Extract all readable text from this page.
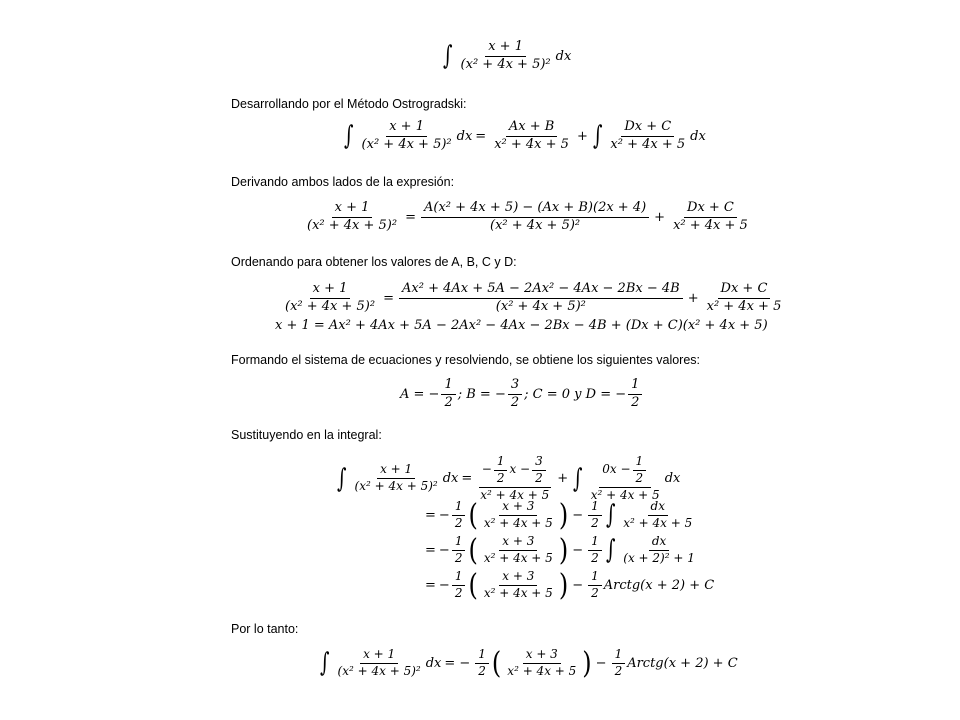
∫ $\frac{x + 1}{\text{(x² + 4x + 5)²}}$ dx
Desarrollando por el Método Ostrogradski:
∫ $\frac{x + 1}{\text{(x² + 4x + 5)²}}$ dx = $\frac{Ax + B}{\text{x² + 4x + 5}}$ + ∫ $\frac{Dx + C}{\text{x² + 4x + 5}}$ dx
Derivando ambos lados de la expresión:
$\frac{x + 1}{\text{(x² + 4x + 5)²}} = \frac{\text{A(x² + 4x + 5) − (Ax + B)(2x + 4)}}{\text{(x² + 4x + 5)²}} + \frac{Dx + C}{\text{x² + 4x + 5}}$
Ordenando para obtener los valores de A, B, C y D:
$\frac{x + 1}{\text{(x² + 4x + 5)²}} = \frac{\text{Ax² + 4Ax + 5A − 2Ax² − 4Ax − 2Bx − 4B}}{\text{(x² + 4x + 5)²}} + \frac{Dx + C}{\text{x² + 4x + 5}}$
x + 1 = Ax² + 4Ax + 5A − 2Ax² − 4Ax − 2Bx − 4B + (Dx + C)(x² + 4x + 5)
Formando el sistema de ecuaciones y resolviendo, se obtiene los siguientes valores:
A = − $\frac{1}{2}$ ; B = − $\frac{3}{2}$ ; C = 0 y D = − $\frac{1}{2}$
Sustituyendo en la integral:
∫ $\frac{x + 1}{\text{(x² + 4x + 5)²}}$ dx = $\frac{- \frac{1}{2} x - \frac{3}{2}}{\text{x² + 4x + 5}}$ + ∫ $\frac{0x - \frac{1}{2}}{\text{x² + 4x + 5}}$ dx
= − $\frac{1}{2}$ ( $\frac{x + 3}{\text{x² + 4x + 5}}$ ) − $\frac{1}{2}$ ∫ $\frac{dx}{\text{x² + 4x + 5}}$
= − $\frac{1}{2}$ ( $\frac{x + 3}{\text{x² + 4x + 5}}$ ) − $\frac{1}{2}$ ∫ $\frac{dx}{\text{(x + 2)² + 1}}$
= − $\frac{1}{2}$ ( $\frac{x + 3}{\text{x² + 4x + 5}}$ ) − $\frac{1}{2}$ Arctg(x + 2) + C
Por lo tanto:
∫ $\frac{x + 1}{\text{(x² + 4x + 5)²}}$ dx = − $\frac{1}{2}$ ( $\frac{x + 3}{\text{x² + 4x + 5}}$ ) − $\frac{1}{2}$ Arctg(x + 2) + C
